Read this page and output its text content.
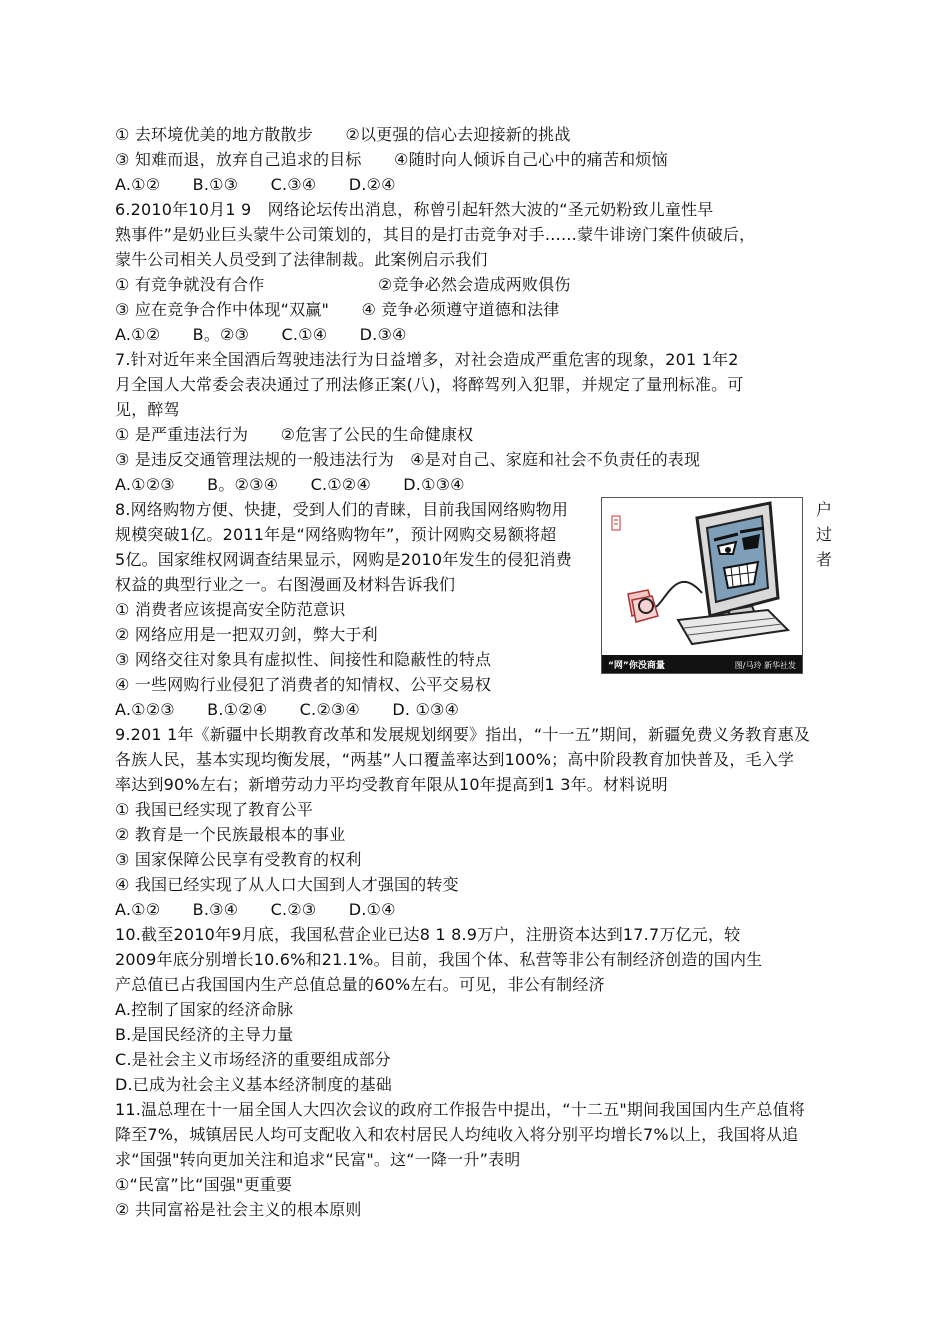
① 去环境优美的地方散散步　　②以更强的信心去迎接新的挑战
③ 知难而退，放弃自己追求的目标　　④随时向人倾诉自己心中的痛苦和烦恼
A.①②　　B.①③　　C.③④　　D.②④
6.2010年10月1 9　网络论坛传出消息，称曾引起轩然大波的“圣元奶粉致儿童性早
熟事件”是奶业巨头蒙牛公司策划的，其目的是打击竞争对手……蒙牛诽谤门案件侦破后，
蒙牛公司相关人员受到了法律制裁。此案例启示我们
① 有竞争就没有合作　　　　　　　②竞争必然会造成两败俱伤
③ 应在竞争合作中体现“双赢"　　④ 竞争必须遵守道德和法律
A.①②　　B。②③　　C.①④　　D.③④
7.针对近年来全国酒后驾驶违法行为日益增多，对社会造成严重危害的现象，201 1年2
月全国人大常委会表决通过了刑法修正案(八)，将醉驾列入犯罪，并规定了量刑标准。可
见，醉驾
① 是严重违法行为　　②危害了公民的生命健康权
③ 是违反交通管理法规的一般违法行为　④是对自己、家庭和社会不负责任的表现
A.①②③　　B。②③④　　C.①②④　　D.①③④
8.网络购物方便、快捷，受到人们的青睐，目前我国网络购物用
规模突破1亿。2011年是“网络购物年”，预计网购交易额将超
5亿。国家维权网调查结果显示，网购是2010年发生的侵犯消费
权益的典型行业之一。右图漫画及材料告诉我们
① 消费者应该提高安全防范意识
② 网络应用是一把双刃剑，弊大于利
③ 网络交往对象具有虚拟性、间接性和隐蔽性的特点
④ 一些网购行业侵犯了消费者的知情权、公平交易权
A.①②③　　B.①②④　　C.②③④　　D. ①③④
9.201 1年《新疆中长期教育改革和发展规划纲要》指出，“十一五”期间，新疆免费义务教育惠及
各族人民，基本实现均衡发展，“两基”人口覆盖率达到100%；高中阶段教育加快普及，毛入学
率达到90%左右；新增劳动力平均受教育年限从10年提高到1 3年。材料说明
① 我国已经实现了教育公平
② 教育是一个民族最根本的事业
③ 国家保障公民享有受教育的权利
④ 我国已经实现了从人口大国到人才强国的转变
A.①②　　B.③④　　C.②③　　D.①④
10.截至2010年9月底，我国私营企业已达8 1 8.9万户，注册资本达到17.7万亿元，较
2009年底分别增长10.6%和21.1%。目前，我国个体、私营等非公有制经济创造的国内生
产总值已占我国国内生产总值总量的60%左右。可见，非公有制经济
A.控制了国家的经济命脉
B.是国民经济的主导力量
C.是社会主义市场经济的重要组成部分
D.已成为社会主义基本经济制度的基础
11.温总理在十一届全国人大四次会议的政府工作报告中提出，“十二五"期间我国国内生产总值将
降至7%，城镇居民人均可支配收入和农村居民人均纯收入将分别平均增长7%以上，我国将从追
求“国强"转向更加关注和追求“民富"。这“一降一升”表明
①“民富”比“国强"更重要
② 共同富裕是社会主义的根本原则
户
过
者
“网”你没商量	图/马玲 新华社发
